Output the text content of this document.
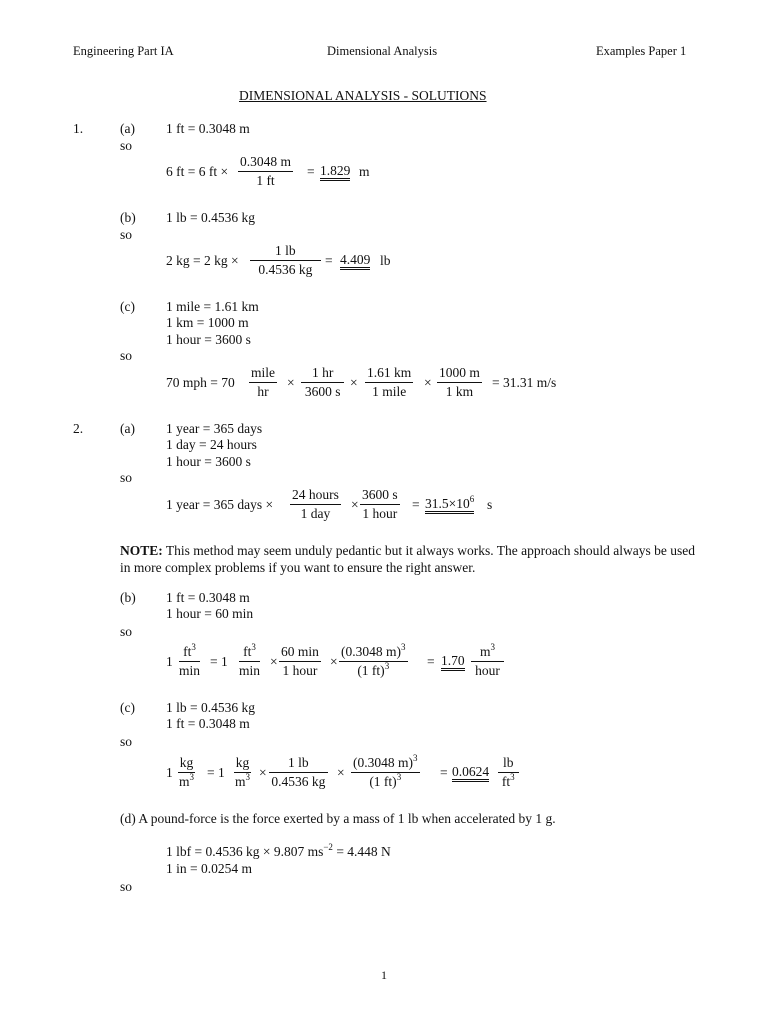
Engineering Part IA	Dimensional Analysis	Examples Paper 1
DIMENSIONAL ANALYSIS - SOLUTIONS
1.	(a) 1 ft = 0.3048 m
so
6 ft = 6 ft × $\frac{0.3048 m}{1 ft} = 1.829$ m
(b) 1 lb = 0.4536 kg
so
2 kg = 2 kg × $\frac{1 lb}{0.4536 kg} = 4.409$ lb
(c) 1 mile = 1.61 km
1 km = 1000 m
1 hour = 3600 s
so
70 mph = 70
mile
hr
× $\frac{1 hr}{3600 s}$ ×
1.61 km
1 mile
× $\frac{1000 m}{1 km} = 31.31$ m/s
2.	(a) 1 year = 365 days
1 day = 24 hours
1 hour = 3600 s
so
1 year = 365 days ×
24 hours
1 day
×
3600 s
1 hour
= $31.5\times 10^6$ s
NOTE: This method may seem unduly pedantic but it always works. The approach should always be used in more complex problems if you want to ensure the right answer.
(b) 1 ft = 0.3048 m
1 hour = 60 min
so
1
$ft^3$
min
= 1
$ft^3$
min
×
60 min
1 hour
× $\frac{(0.3048 m)^3}{(1 ft)^3} = 1.70$
$m^3$
hour
(c) 1 lb = 0.4536 kg
1 ft = 0.3048 m
so
$1 \frac{kg}{m^3} = 1 \frac{kg}{m^3} \times \frac{1 lb}{0.4536 kg} \times \frac{(0.3048 m)^3}{(1 ft)^3} = 0.0624 \frac{lb}{ft^3}$
(d) A pound-force is the force exerted by a mass of 1 lb when accelerated by 1 g.
1 lbf = 0.4536 kg × 9.807 $ms^{-2} = 4.448$ N
1 in = 0.0254 m
so
1
